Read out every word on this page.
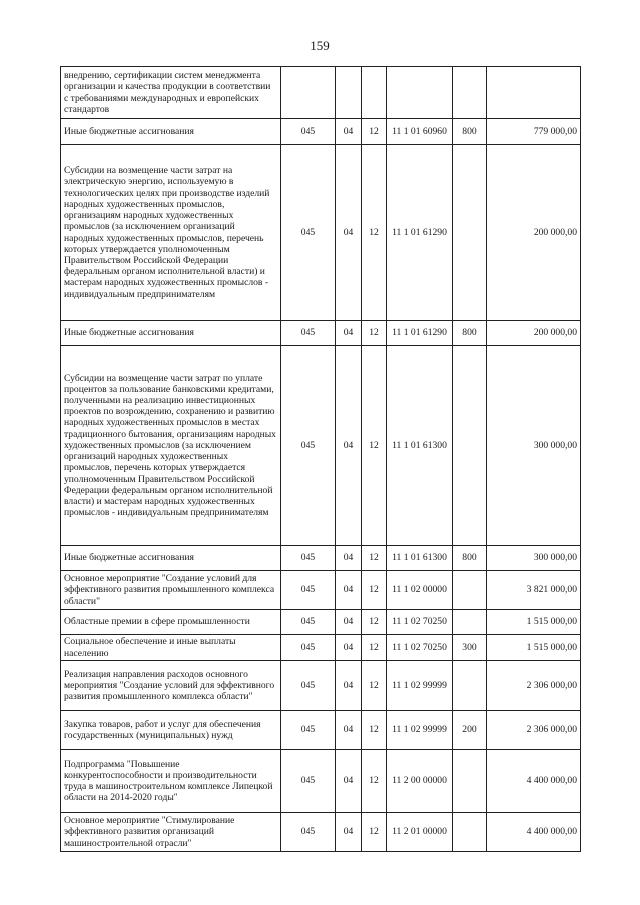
159
внедрению, сертификации систем менеджмента организации и качества продукции в соответствии с требованиями международных и европейских стандартов						
Иные бюджетные ассигнования	045	04	12	11 1 01 60960	800	779 000,00
Субсидии на возмещение части затрат на электрическую энергию, используемую в технологических целях при производстве изделий народных художественных промыслов, организациям народных художественных промыслов (за исключением организаций народных художественных промыслов, перечень которых утверждается уполномоченным Правительством Российской Федерации федеральным органом исполнительной власти) и мастерам народных художественных промыслов - индивидуальным предпринимателям	045	04	12	11 1 01 61290		200 000,00
Иные бюджетные ассигнования	045	04	12	11 1 01 61290	800	200 000,00
Субсидии на возмещение части затрат по уплате процентов за пользование банковскими кредитами, полученными на реализацию инвестиционных проектов по возрождению, сохранению и развитию народных художественных промыслов в местах традиционного бытования, организациям народных художественных промыслов (за исключением организаций народных художественных промыслов, перечень которых утверждается уполномоченным Правительством Российской Федерации федеральным органом исполнительной власти) и мастерам народных художественных промыслов - индивидуальным предпринимателям	045	04	12	11 1 01 61300		300 000,00
Иные бюджетные ассигнования	045	04	12	11 1 01 61300	800	300 000,00
Основное мероприятие "Создание условий для эффективного развития промышленного комплекса области"	045	04	12	11 1 02 00000		3 821 000,00
Областные премии в сфере промышленности	045	04	12	11 1 02 70250		1 515 000,00
Социальное обеспечение и иные выплаты населению	045	04	12	11 1 02 70250	300	1 515 000,00
Реализация направления расходов основного мероприятия "Создание условий для эффективного развития промышленного комплекса области"	045	04	12	11 1 02 99999		2 306 000,00
Закупка товаров, работ и услуг для обеспечения государственных (муниципальных) нужд	045	04	12	11 1 02 99999	200	2 306 000,00
Подпрограмма "Повышение конкурентоспособности и производительности труда в машиностроительном комплексе Липецкой области на 2014-2020 годы"	045	04	12	11 2 00 00000		4 400 000,00
Основное мероприятие "Стимулирование эффективного развития организаций машиностроительной отрасли"	045	04	12	11 2 01 00000		4 400 000,00
